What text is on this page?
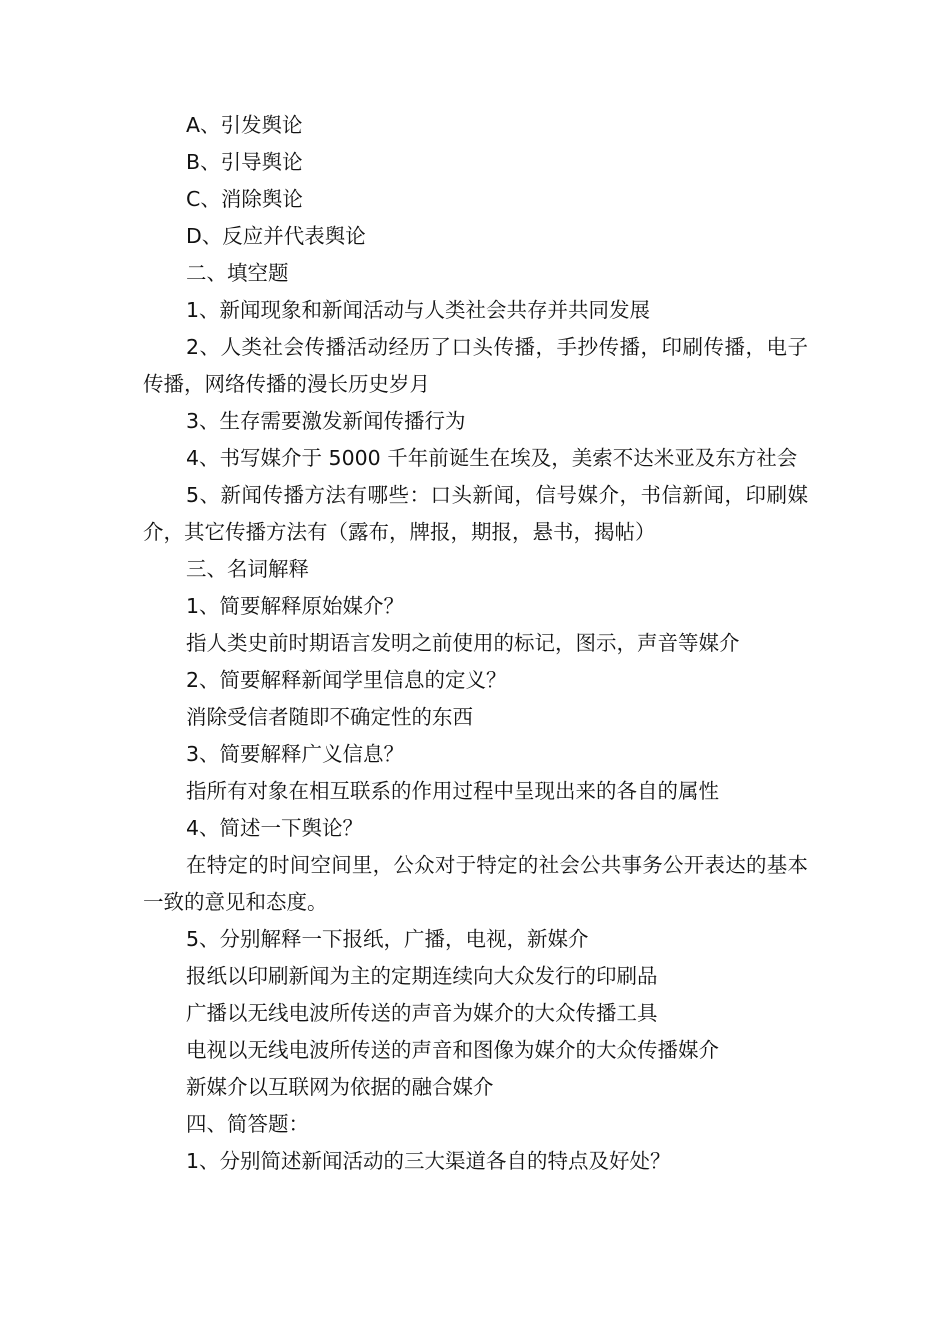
A、引发舆论

B、引导舆论

C、消除舆论

D、反应并代表舆论

二、填空题

1、新闻现象和新闻活动与人类社会共存并共同发展

2、人类社会传播活动经历了口头传播，手抄传播，印刷传播，电子传播，网络传播的漫长历史岁月

3、生存需要激发新闻传播行为

4、书写媒介于 5000 千年前诞生在埃及，美索不达米亚及东方社会

5、新闻传播方法有哪些：口头新闻，信号媒介，书信新闻，印刷媒介，其它传播方法有（露布，牌报，期报，悬书，揭帖）

三、名词解释

1、简要解释原始媒介？

指人类史前时期语言发明之前使用的标记，图示，声音等媒介

2、简要解释新闻学里信息的定义？

消除受信者随即不确定性的东西

3、简要解释广义信息？

指所有对象在相互联系的作用过程中呈现出来的各自的属性

4、简述一下舆论？

在特定的时间空间里，公众对于特定的社会公共事务公开表达的基本一致的意见和态度。

5、分别解释一下报纸，广播，电视，新媒介

报纸以印刷新闻为主的定期连续向大众发行的印刷品

广播以无线电波所传送的声音为媒介的大众传播工具

电视以无线电波所传送的声音和图像为媒介的大众传播媒介

新媒介以互联网为依据的融合媒介

四、简答题：

1、分别简述新闻活动的三大渠道各自的特点及好处？
